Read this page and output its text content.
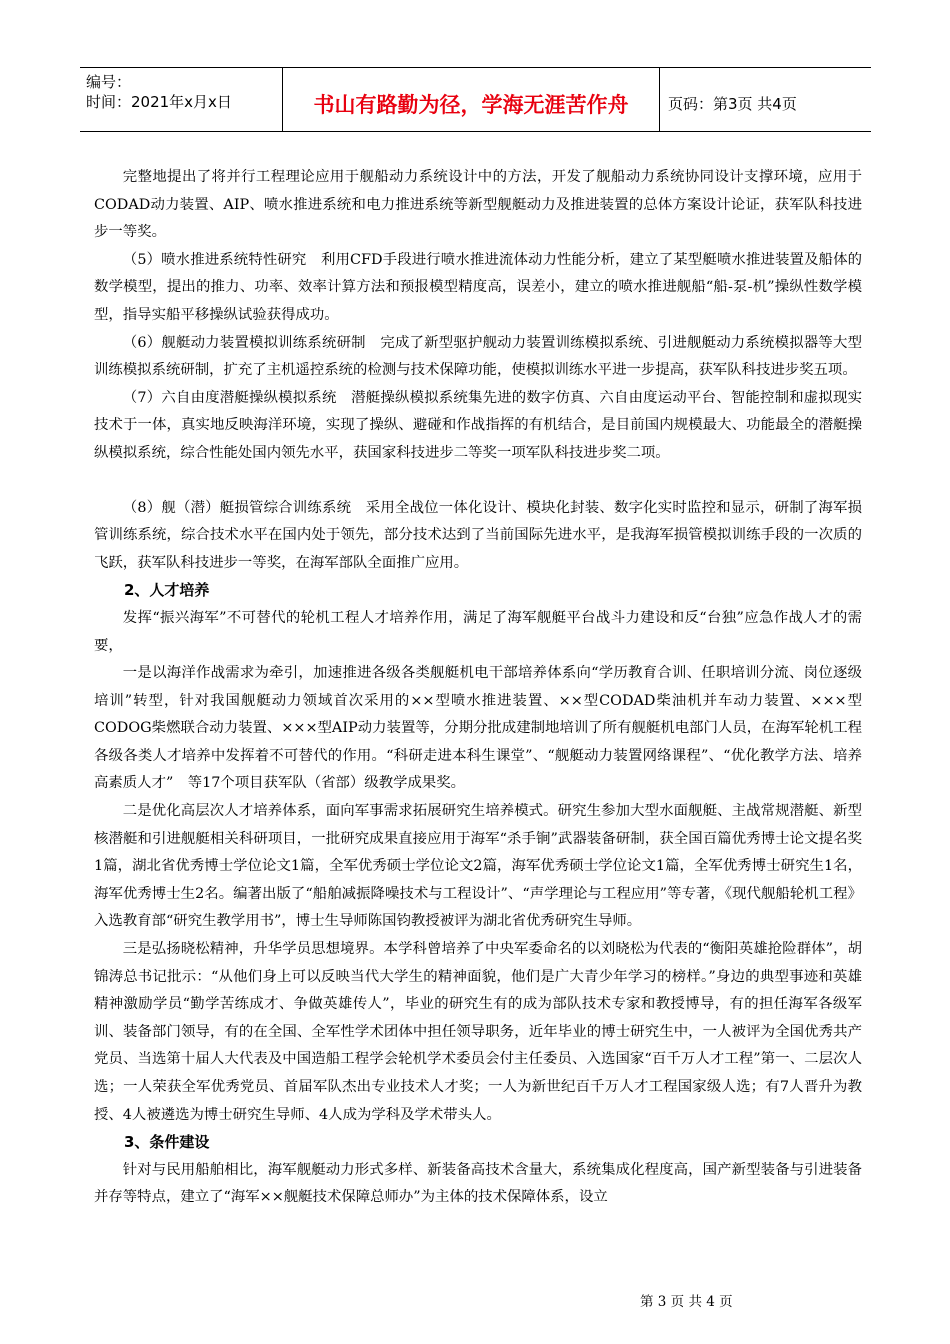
编号：
时间：2021年x月x日	书山有路勤为径，学海无涯苦作舟	页码：第3页 共4页

完整地提出了将并行工程理论应用于舰船动力系统设计中的方法，开发了舰船动力系统协同设计支撑环境，应用于CODAD动力装置、AIP、喷水推进系统和电力推进系统等新型舰艇动力及推进装置的总体方案设计论证，获军队科技进步一等奖。

（5）喷水推进系统特性研究　利用CFD手段进行喷水推进流体动力性能分析，建立了某型艇喷水推进装置及船体的数学模型，提出的推力、功率、效率计算方法和预报模型精度高，误差小，建立的喷水推进舰船“船-泵-机”操纵性数学模型，指导实船平移操纵试验获得成功。

（6）舰艇动力装置模拟训练系统研制　完成了新型驱护舰动力装置训练模拟系统、引进舰艇动力系统模拟器等大型训练模拟系统研制，扩充了主机遥控系统的检测与技术保障功能，使模拟训练水平进一步提高，获军队科技进步奖五项。

（7）六自由度潜艇操纵模拟系统　潜艇操纵模拟系统集先进的数字仿真、六自由度运动平台、智能控制和虚拟现实技术于一体，真实地反映海洋环境，实现了操纵、避碰和作战指挥的有机结合，是目前国内规模最大、功能最全的潜艇操纵模拟系统，综合性能处国内领先水平，获国家科技进步二等奖一项军队科技进步奖二项。

（8）舰（潜）艇损管综合训练系统　采用全战位一体化设计、模块化封装、数字化实时监控和显示，研制了海军损管训练系统，综合技术水平在国内处于领先，部分技术达到了当前国际先进水平，是我海军损管模拟训练手段的一次质的飞跃，获军队科技进步一等奖，在海军部队全面推广应用。

2、人才培养

发挥“振兴海军”不可替代的轮机工程人才培养作用，满足了海军舰艇平台战斗力建设和反“台独”应急作战人才的需要，

一是以海洋作战需求为牵引，加速推进各级各类舰艇机电干部培养体系向“学历教育合训、任职培训分流、岗位逐级培训”转型，针对我国舰艇动力领域首次采用的××型喷水推进装置、××型CODAD柴油机并车动力装置、×××型CODOG柴燃联合动力装置、×××型AIP动力装置等，分期分批成建制地培训了所有舰艇机电部门人员，在海军轮机工程各级各类人才培养中发挥着不可替代的作用。“科研走进本科生课堂”、“舰艇动力装置网络课程”、“优化教学方法、培养高素质人才”　等17个项目获军队（省部）级教学成果奖。

二是优化高层次人才培养体系，面向军事需求拓展研究生培养模式。研究生参加大型水面舰艇、主战常规潜艇、新型核潜艇和引进舰艇相关科研项目，一批研究成果直接应用于海军“杀手锏”武器装备研制，获全国百篇优秀博士论文提名奖1篇，湖北省优秀博士学位论文1篇，全军优秀硕士学位论文2篇，海军优秀硕士学位论文1篇，全军优秀博士研究生1名，海军优秀博士生2名。编著出版了“船舶减振降噪技术与工程设计”、“声学理论与工程应用”等专著，《现代舰船轮机工程》入选教育部“研究生教学用书”，博士生导师陈国钧教授被评为湖北省优秀研究生导师。

三是弘扬晓松精神，升华学员思想境界。本学科曾培养了中央军委命名的以刘晓松为代表的“衡阳英雄抢险群体”，胡锦涛总书记批示：“从他们身上可以反映当代大学生的精神面貌，他们是广大青少年学习的榜样。”身边的典型事迹和英雄精神激励学员“勤学苦练成才、争做英雄传人”，毕业的研究生有的成为部队技术专家和教授博导，有的担任海军各级军训、装备部门领导，有的在全国、全军性学术团体中担任领导职务，近年毕业的博士研究生中，一人被评为全国优秀共产党员、当选第十届人大代表及中国造船工程学会轮机学术委员会付主任委员、入选国家“百千万人才工程”第一、二层次人选；一人荣获全军优秀党员、首届军队杰出专业技术人才奖；一人为新世纪百千万人才工程国家级人选；有7人晋升为教授、4人被遴选为博士研究生导师、4人成为学科及学术带头人。

3、条件建设

针对与民用船舶相比，海军舰艇动力形式多样、新装备高技术含量大，系统集成化程度高，国产新型装备与引进装备并存等特点，建立了“海军××舰艇技术保障总师办”为主体的技术保障体系，设立

第 3 页 共 4 页
